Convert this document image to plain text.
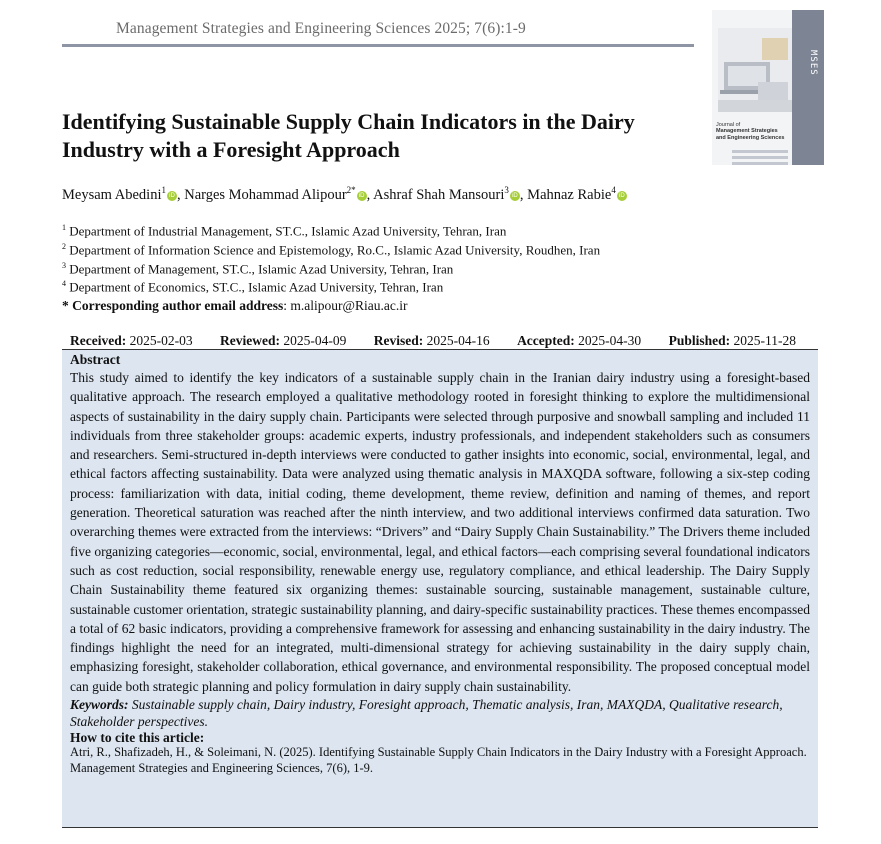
Management Strategies and Engineering Sciences 2025; 7(6):1-9
Journal of
Management Strategies
and Engineering Sciences
MSES
Identifying Sustainable Supply Chain Indicators in the Dairy Industry with a Foresight Approach
Meysam Abedini$^1$iD , Narges Mohammad Alipour$^{2*}$iD , Ashraf Shah Mansouri$^3$iD , Mahnaz Rabie$^4$iD
$^1$ Department of Industrial Management, ST.C., Islamic Azad University, Tehran, Iran
$^2$ Department of Information Science and Epistemology, Ro.C., Islamic Azad University, Roudhen, Iran
$^3$ Department of Management, ST.C., Islamic Azad University, Tehran, Iran
$^4$ Department of Economics, ST.C., Islamic Azad University, Tehran, Iran
* Corresponding author email address: m.alipour@Riau.ac.ir
Received: 2025-02-03 Reviewed: 2025-04-09 Revised: 2025-04-16 Accepted: 2025-04-30 Published: 2025-11-28
Abstract

This study aimed to identify the key indicators of a sustainable supply chain in the Iranian dairy industry using a foresight-based qualitative approach. The research employed a qualitative methodology rooted in foresight thinking to explore the multidimensional aspects of sustainability in the dairy supply chain. Participants were selected through purposive and snowball sampling and included 11 individuals from three stakeholder groups: academic experts, industry professionals, and independent stakeholders such as consumers and researchers. Semi-structured in-depth interviews were conducted to gather insights into economic, social, environmental, legal, and ethical factors affecting sustainability. Data were analyzed using thematic analysis in MAXQDA software, following a six-step coding process: familiarization with data, initial coding, theme development, theme review, definition and naming of themes, and report generation. Theoretical saturation was reached after the ninth interview, and two additional interviews confirmed data saturation. Two overarching themes were extracted from the interviews: “Drivers” and “Dairy Supply Chain Sustainability.” The Drivers theme included five organizing categories—economic, social, environmental, legal, and ethical factors—each comprising several foundational indicators such as cost reduction, social responsibility, renewable energy use, regulatory compliance, and ethical leadership. The Dairy Supply Chain Sustainability theme featured six organizing themes: sustainable sourcing, sustainable management, sustainable culture, sustainable customer orientation, strategic sustainability planning, and dairy-specific sustainability practices. These themes encompassed a total of 62 basic indicators, providing a comprehensive framework for assessing and enhancing sustainability in the dairy industry. The findings highlight the need for an integrated, multi-dimensional strategy for achieving sustainability in the dairy supply chain, emphasizing foresight, stakeholder collaboration, ethical governance, and environmental responsibility. The proposed conceptual model can guide both strategic planning and policy formulation in dairy supply chain sustainability.

Keywords: Sustainable supply chain, Dairy industry, Foresight approach, Thematic analysis, Iran, MAXQDA, Qualitative research, Stakeholder perspectives.
How to cite this article:
Atri, R., Shafizadeh, H., & Soleimani, N. (2025). Identifying Sustainable Supply Chain Indicators in the Dairy Industry with a Foresight Approach. Management Strategies and Engineering Sciences, 7(6), 1-9.
